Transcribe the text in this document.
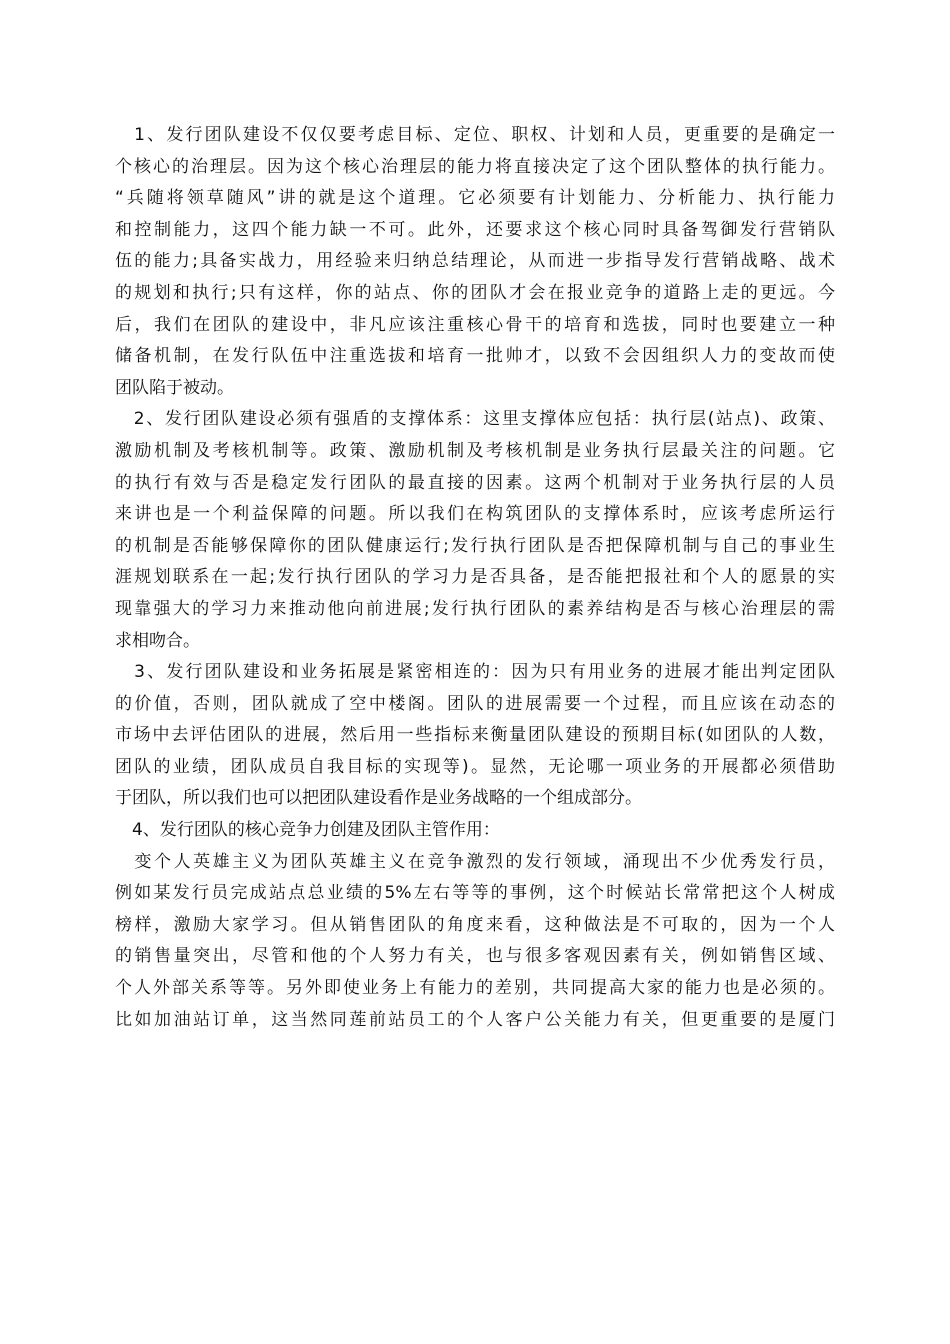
　1、发行团队建设不仅仅要考虑目标、定位、职权、计划和人员，更重要的是确定一
个核心的治理层。因为这个核心治理层的能力将直接决定了这个团队整体的执行能力。
“兵随将领草随风”讲的就是这个道理。它必须要有计划能力、分析能力、执行能力
和控制能力，这四个能力缺一不可。此外，还要求这个核心同时具备驾御发行营销队
伍的能力;具备实战力，用经验来归纳总结理论，从而进一步指导发行营销战略、战术
的规划和执行;只有这样，你的站点、你的团队才会在报业竞争的道路上走的更远。今
后，我们在团队的建设中，非凡应该注重核心骨干的培育和选拔，同时也要建立一种
储备机制，在发行队伍中注重选拔和培育一批帅才，以致不会因组织人力的变故而使
团队陷于被动。
　2、发行团队建设必须有强盾的支撑体系：这里支撑体应包括：执行层(站点)、政策、
激励机制及考核机制等。政策、激励机制及考核机制是业务执行层最关注的问题。它
的执行有效与否是稳定发行团队的最直接的因素。这两个机制对于业务执行层的人员
来讲也是一个利益保障的问题。所以我们在构筑团队的支撑体系时，应该考虑所运行
的机制是否能够保障你的团队健康运行;发行执行团队是否把保障机制与自己的事业生
涯规划联系在一起;发行执行团队的学习力是否具备，是否能把报社和个人的愿景的实
现靠强大的学习力来推动他向前进展;发行执行团队的素养结构是否与核心治理层的需
求相吻合。
　3、发行团队建设和业务拓展是紧密相连的：因为只有用业务的进展才能出判定团队
的价值，否则，团队就成了空中楼阁。团队的进展需要一个过程，而且应该在动态的
市场中去评估团队的进展，然后用一些指标来衡量团队建设的预期目标(如团队的人数，
团队的业绩，团队成员自我目标的实现等)。显然，无论哪一项业务的开展都必须借助
于团队，所以我们也可以把团队建设看作是业务战略的一个组成部分。
　4、发行团队的核心竞争力创建及团队主管作用：
　变个人英雄主义为团队英雄主义在竞争激烈的发行领域，涌现出不少优秀发行员，
例如某发行员完成站点总业绩的5%左右等等的事例，这个时候站长常常把这个人树成
榜样，激励大家学习。但从销售团队的角度来看，这种做法是不可取的，因为一个人
的销售量突出，尽管和他的个人努力有关，也与很多客观因素有关，例如销售区域、
个人外部关系等等。另外即使业务上有能力的差别，共同提高大家的能力也是必须的。
比如加油站订单，这当然同莲前站员工的个人客户公关能力有关，但更重要的是厦门
